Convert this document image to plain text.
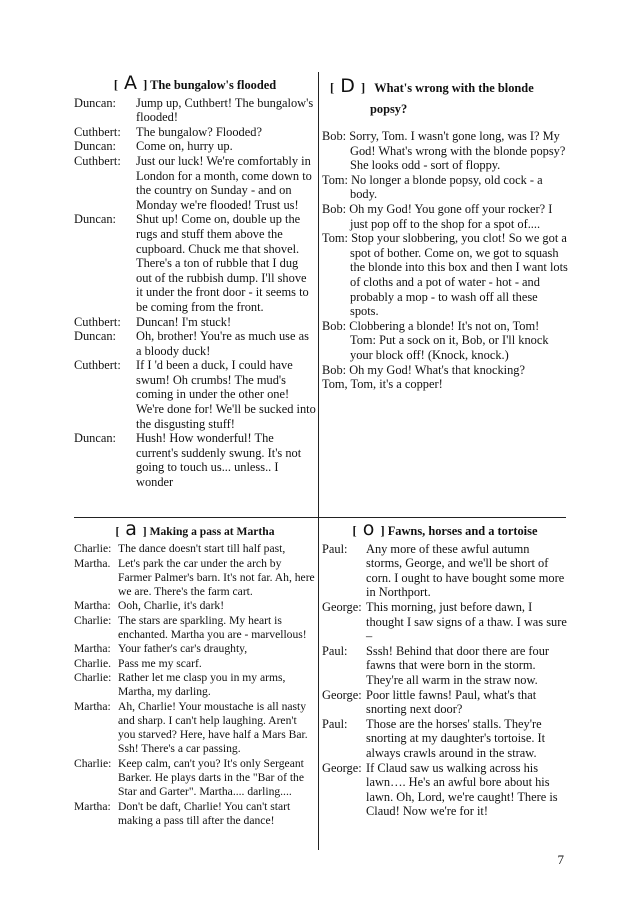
[ A ] The bungalow's flooded
Duncan: Jump up, Cuthbert! The bungalow's flooded!
Cuthbert: The bungalow? Flooded?
Duncan: Come on, hurry up.
Cuthbert: Just our luck! We're comfortably in London for a month, come down to the country on Sunday - and on Monday we're flooded! Trust us!
Duncan: Shut up! Come on, double up the rugs and stuff them above the cupboard. Chuck me that shovel. There's a ton of rubble that I dug out of the rubbish dump. I'll shove it under the front door - it seems to be coming from the front.
Cuthbert: Duncan! I'm stuck!
Duncan: Oh, brother! You're as much use as a bloody duck!
Cuthbert: If I 'd been a duck, I could have swum! Oh crumbs! The mud's coming in under the other one! We're done for! We'll be sucked into the disgusting stuff!
Duncan: Hush! How wonderful! The current's suddenly swung. It's not going to touch us... unless.. I wonder
[ D ] What's wrong with the blonde
popsy?
Bob: Sorry, Tom. I wasn't gone long, was I? My God! What's wrong with the blonde popsy? She looks odd - sort of floppy.
Tom: No longer a blonde popsy, old cock - a body.
Bob: Oh my God! You gone off your rocker? I just pop off to the shop for a spot of....
Tom: Stop your slobbering, you clot! So we got a spot of bother. Come on, we got to squash the blonde into this box and then I want lots of cloths and a pot of water - hot - and probably a mop - to wash off all these spots.
Bob: Clobbering a blonde! It's not on, Tom! Tom: Put a sock on it, Bob, or I'll knock your block off! (Knock, knock.)
Bob: Oh my God! What's that knocking?
Tom, Tom, it's a copper!
[ a ] Making a pass at Martha
Charlie: The dance doesn't start till half past,
Martha. Let's park the car under the arch by Farmer Palmer's barn. It's not far. Ah, here we are. There's the farm cart.
Martha: Ooh, Charlie, it's dark!
Charlie: The stars are sparkling. My heart is enchanted. Martha you are - marvellous!
Martha: Your father's car's draughty,
Charlie. Pass me my scarf.
Charlie: Rather let me clasp you in my arms, Martha, my darling.
Martha: Ah, Charlie! Your moustache is all nasty and sharp. I can't help laughing. Aren't you starved? Here, have half a Mars Bar. Ssh! There's a car passing.
Charlie: Keep calm, can't you? It's only Sergeant Barker. He plays darts in the "Bar of the Star and Garter". Martha.... darling....
Martha: Don't be daft, Charlie! You can't start making a pass till after the dance!
[ o ] Fawns, horses and a tortoise
Paul: Any more of these awful autumn storms, George, and we'll be short of corn. I ought to have bought some more in Northport.
George: This morning, just before dawn, I thought I saw signs of a thaw. I was sure –
Paul: Sssh! Behind that door there are four fawns that were born in the storm. They're all warm in the straw now.
George: Poor little fawns! Paul, what's that snorting next door?
Paul: Those are the horses' stalls. They're snorting at my daughter's tortoise. It always crawls around in the straw.
George: If Claud saw us walking across his lawn…. He's an awful bore about his lawn. Oh, Lord, we're caught! There is Claud! Now we're for it!
7
